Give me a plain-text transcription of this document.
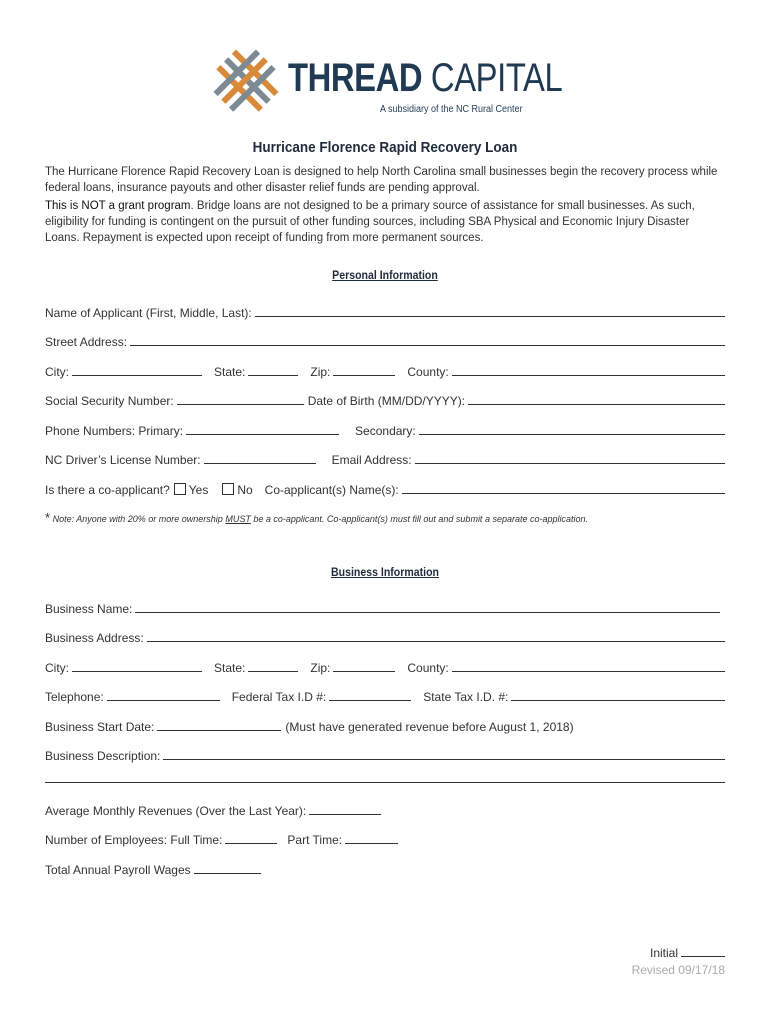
THREAD CAPITAL
A subsidiary of the NC Rural Center
Hurricane Florence Rapid Recovery Loan
The Hurricane Florence Rapid Recovery Loan is designed to help North Carolina small businesses begin the recovery process while federal loans, insurance payouts and other disaster relief funds are pending approval.
This is NOT a grant program. Bridge loans are not designed to be a primary source of assistance for small businesses. As such, eligibility for funding is contingent on the pursuit of other funding sources, including SBA Physical and Economic Injury Disaster Loans. Repayment is expected upon receipt of funding from more permanent sources.
Personal Information
Name of Applicant (First, Middle, Last):
Street Address:
City:	State:	Zip:	County:
Social Security Number:	Date of Birth (MM/DD/YYYY):
Phone Numbers: Primary:	Secondary:
NC Driver’s License Number:	Email Address:
Is there a co-applicant? Yes No Co-applicant(s) Name(s):
* Note: Anyone with 20% or more ownership MUST be a co-applicant. Co-applicant(s) must fill out and submit a separate co-application.
Business Information
Business Name:
Business Address:
City:	State:	Zip:	County:
Telephone:	Federal Tax I.D #:	State Tax I.D. #:
Business Start Date:	(Must have generated revenue before August 1, 2018)
Business Description:
Average Monthly Revenues (Over the Last Year):
Number of Employees: Full Time:	Part Time:
Total Annual Payroll Wages
Initial
Revised 09/17/18
